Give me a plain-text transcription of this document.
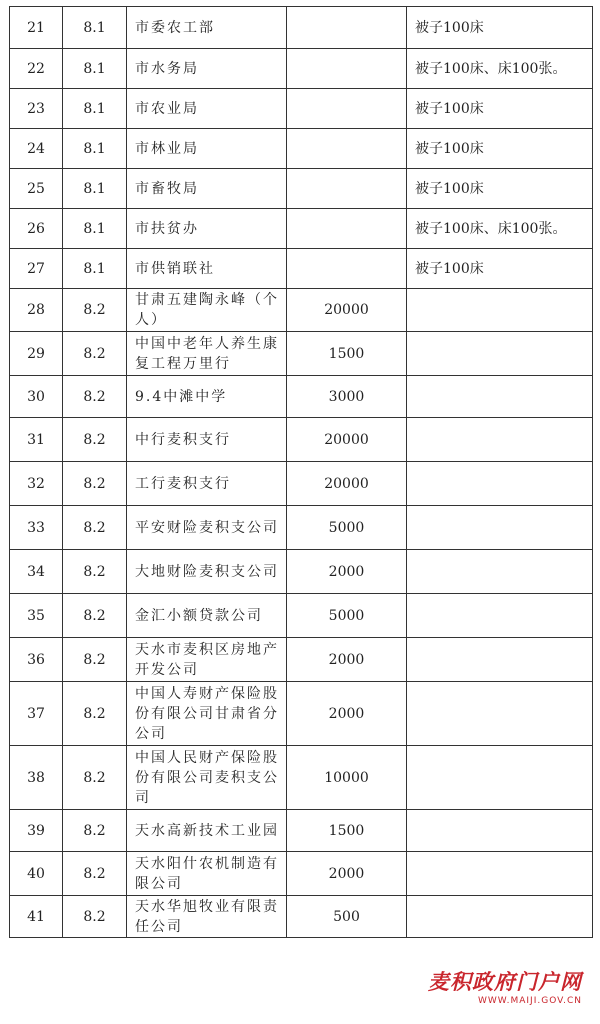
21	8.1	市委农工部		被子100床
22	8.1	市水务局		被子100床、床100张。
23	8.1	市农业局		被子100床
24	8.1	市林业局		被子100床
25	8.1	市畜牧局		被子100床
26	8.1	市扶贫办		被子100床、床100张。
27	8.1	市供销联社		被子100床
28	8.2	甘肃五建陶永峰（个人）	20000	
29	8.2	中国中老年人养生康复工程万里行	1500	
30	8.2	9.4中滩中学	3000	
31	8.2	中行麦积支行	20000	
32	8.2	工行麦积支行	20000	
33	8.2	平安财险麦积支公司	5000	
34	8.2	大地财险麦积支公司	2000	
35	8.2	金汇小额贷款公司	5000	
36	8.2	天水市麦积区房地产开发公司	2000	
37	8.2	中国人寿财产保险股份有限公司甘肃省分公司	2000	
38	8.2	中国人民财产保险股份有限公司麦积支公司	10000	
39	8.2	天水高新技术工业园	1500	
40	8.2	天水阳什农机制造有限公司	2000	
41	8.2	天水华旭牧业有限责任公司	500	
麦积政府门户网
WWW.MAIJI.GOV.CN
